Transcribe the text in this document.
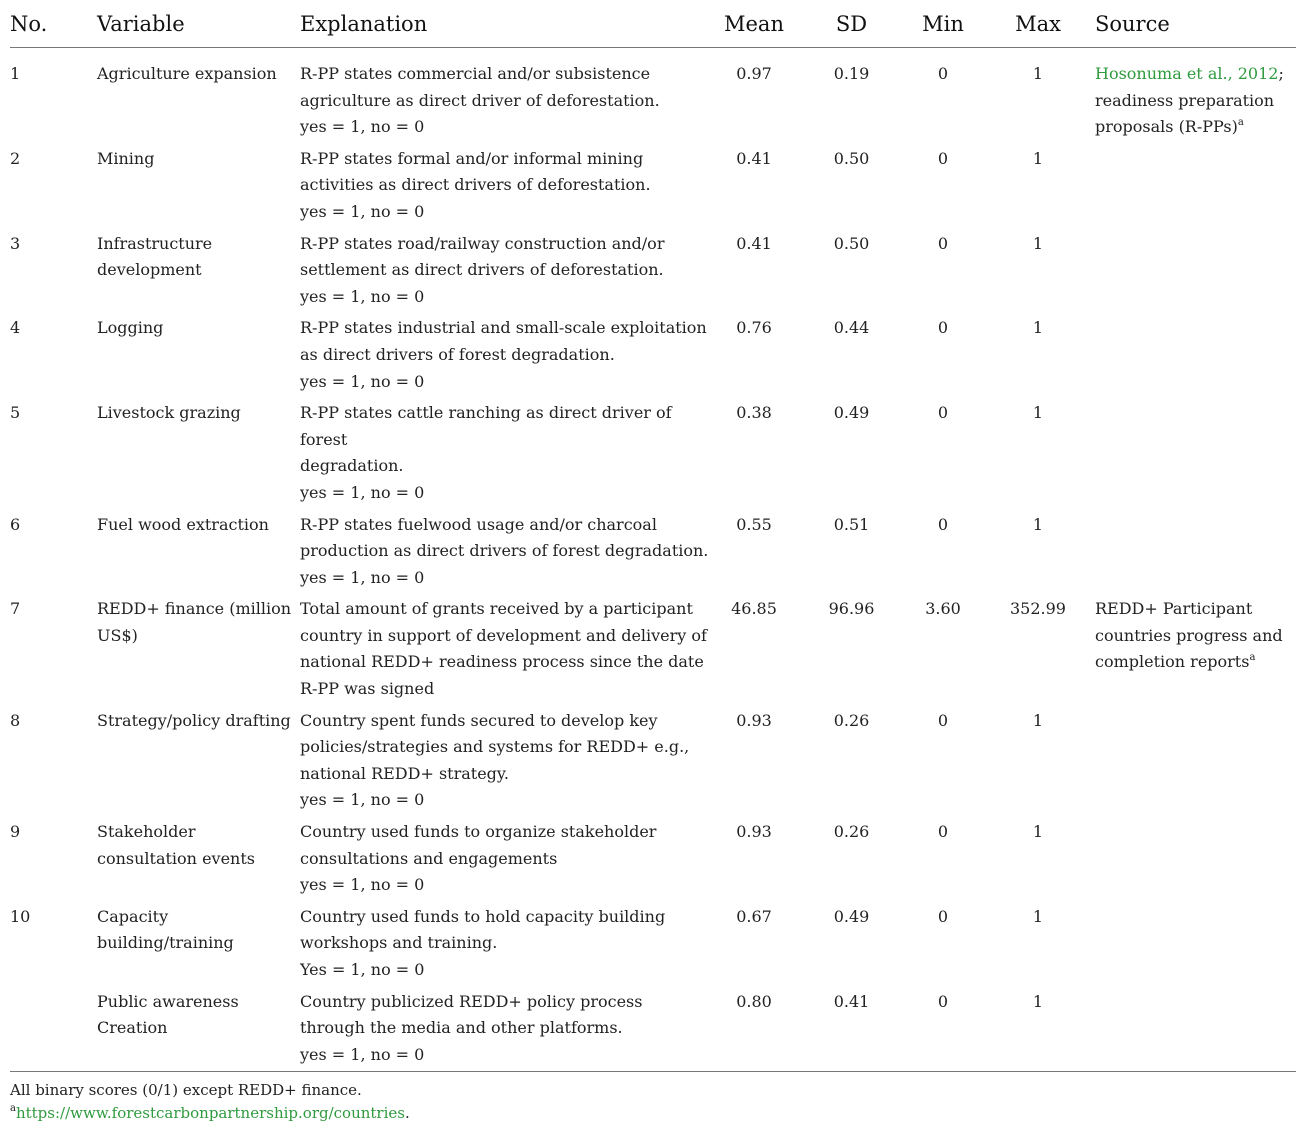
No.	Variable	Explanation	Mean	SD	Min	Max	Source
1	Agriculture expansion	R-PP states commercial and/or subsistence
agriculture as direct driver of deforestation.
yes = 1, no = 0	0.97	0.19	0	1	Hosonuma et al., 2012; readiness preparation proposals $(R-PPs)^a$
2	Mining	R-PP states formal and/or informal mining
activities as direct drivers of deforestation.
yes = 1, no = 0	0.41	0.50	0	1	
3	Infrastructure development	R-PP states road/railway construction and/or
settlement as direct drivers of deforestation.
yes = 1, no = 0	0.41	0.50	0	1	
4	Logging	R-PP states industrial and small-scale exploitation
as direct drivers of forest degradation.
yes = 1, no = 0	0.76	0.44	0	1	
5	Livestock grazing	R-PP states cattle ranching as direct driver of forest
degradation.
yes = 1, no = 0	0.38	0.49	0	1	
6	Fuel wood extraction	R-PP states fuelwood usage and/or charcoal
production as direct drivers of forest degradation.
yes = 1, no = 0	0.55	0.51	0	1	
7	REDD+ finance (million US$)	Total amount of grants received by a participant
country in support of development and delivery of
national REDD+ readiness process since the date
R-PP was signed	46.85	96.96	3.60	352.99	REDD+ Participant countries progress and completion reports$^a$
8	Strategy/policy drafting	Country spent funds secured to develop key
policies/strategies and systems for REDD+ e.g.,
national REDD+ strategy.
yes = 1, no = 0	0.93	0.26	0	1	
9	Stakeholder consultation events	Country used funds to organize stakeholder
consultations and engagements
yes = 1, no = 0	0.93	0.26	0	1	
10	Capacity building/training	Country used funds to hold capacity building
workshops and training.
Yes = 1, no = 0	0.67	0.49	0	1	
	Public awareness Creation	Country publicized REDD+ policy process
through the media and other platforms.
yes = 1, no = 0	0.80	0.41	0	1	
All binary scores (0/1) except REDD+ finance.
$^a$https://www.forestcarbonpartnership.org/countries.
